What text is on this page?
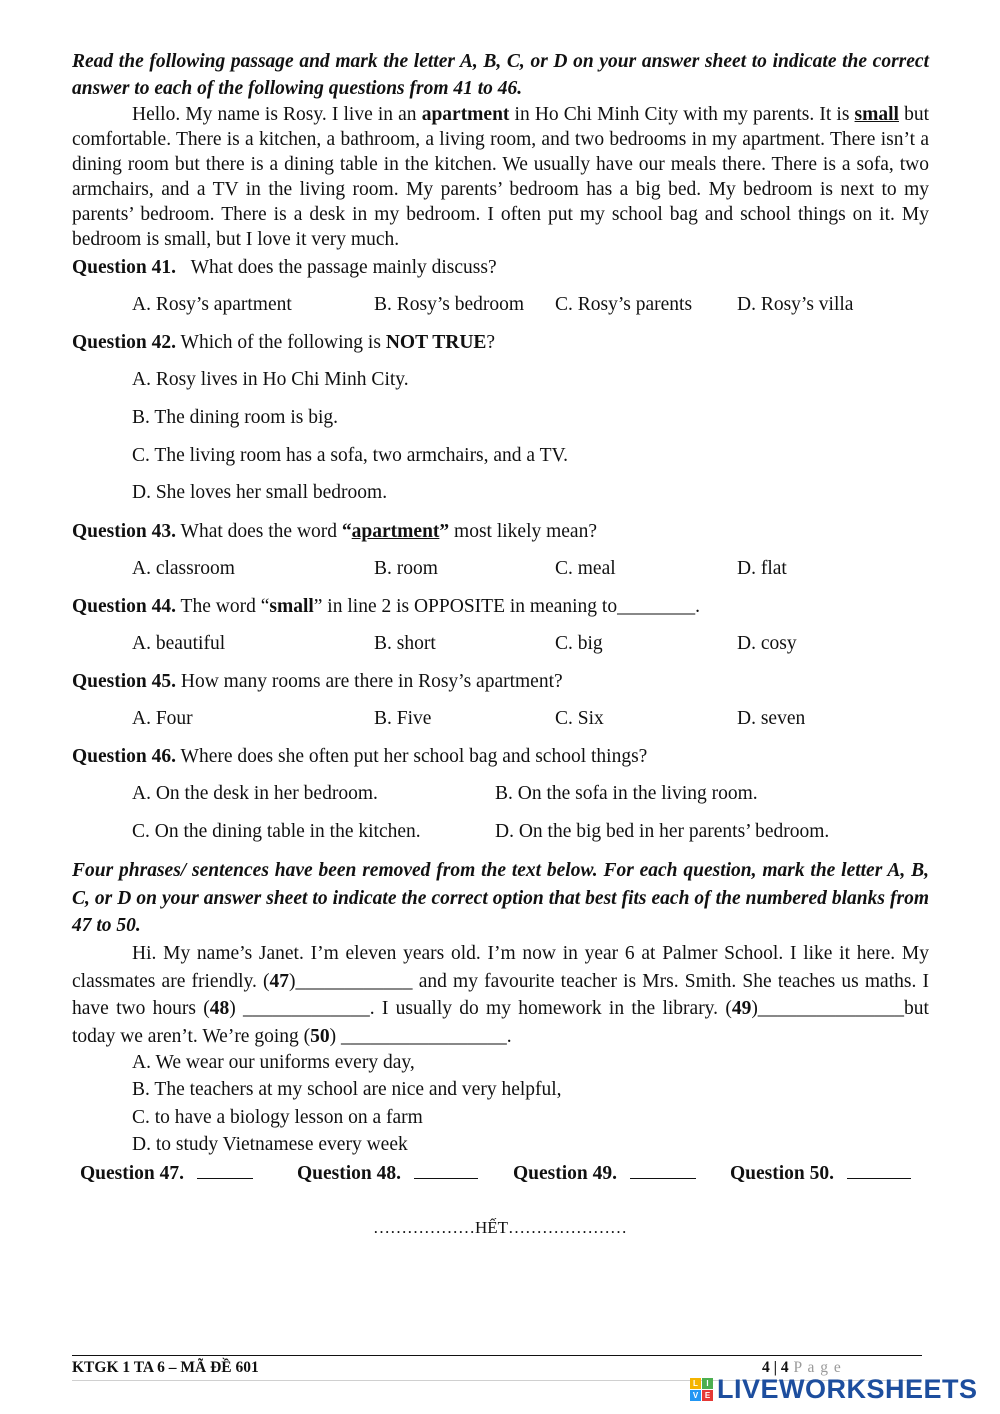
Read the following passage and mark the letter A, B, C, or D on your answer sheet to indicate the correct answer to each of the following questions from 41 to 46.
Hello. My name is Rosy. I live in an apartment in Ho Chi Minh City with my parents. It is small but comfortable. There is a kitchen, a bathroom, a living room, and two bedrooms in my apartment. There isn’t a dining room but there is a dining table in the kitchen. We usually have our meals there. There is a sofa, two armchairs, and a TV in the living room. My parents’ bedroom has a big bed. My bedroom is next to my parents’ bedroom. There is a desk in my bedroom. I often put my school bag and school things on it. My bedroom is small, but I love it very much.
Question 41. What does the passage mainly discuss?
A. Rosy’s apartment	B. Rosy’s bedroom C. Rosy’s parents D. Rosy’s villa
Question 42. Which of the following is NOT TRUE?
A. Rosy lives in Ho Chi Minh City.
B. The dining room is big.
C. The living room has a sofa, two armchairs, and a TV.
D. She loves her small bedroom.
Question 43. What does the word “apartment” most likely mean?
A. classroom	B. room	C. meal	D. flat
Question 44. The word “small” in line 2 is OPPOSITE in meaning to________.
A. beautiful	B. short	C. big	D. cosy
Question 45. How many rooms are there in Rosy’s apartment?
A. Four	B. Five	C. Six	D. seven
Question 46. Where does she often put her school bag and school things?
A. On the desk in her bedroom.	B. On the sofa in the living room.
C. On the dining table in the kitchen.	D. On the big bed in her parents’ bedroom.
Four phrases/ sentences have been removed from the text below. For each question, mark the letter A, B, C, or D on your answer sheet to indicate the correct option that best fits each of the numbered blanks from 47 to 50.
Hi. My name’s Janet. I’m eleven years old. I’m now in year 6 at Palmer School. I like it here. My classmates are friendly. (47)____________ and my favourite teacher is Mrs. Smith. She teaches us maths. I have two hours (48) _____________. I usually do my homework in the library. (49)_______________but today we aren’t. We’re going (50) _________________.
A. We wear our uniforms every day,
B. The teachers at my school are nice and very helpful,
C. to have a biology lesson on a farm
D. to study Vietnamese every week
Question 47.	Question 48.	Question 49.	Question 50.
………………HẾT…………………
KTGK 1 TA 6 – MÃ ĐỀ 601	4 | 4 P a g e
L	I
V E LIVEWORKSHEETS
